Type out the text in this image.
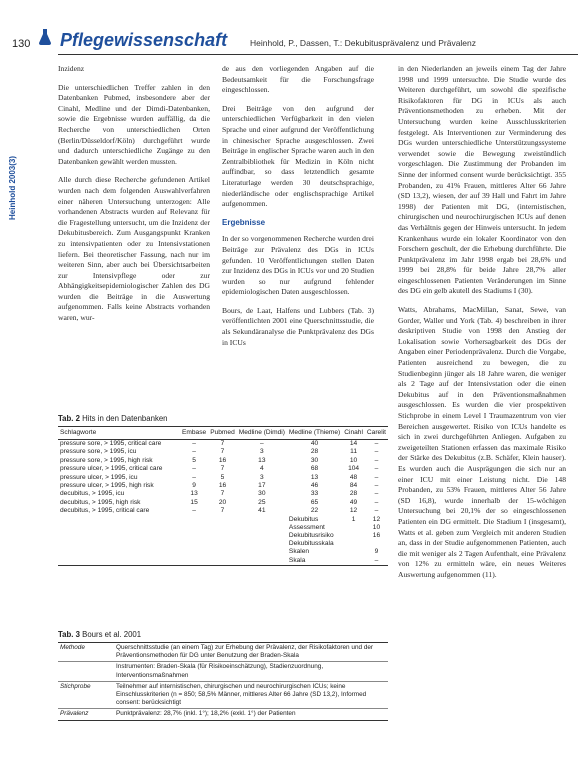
130 Pflegewissenschaft	Heinhold, P., Dassen, T.: Dekubitusprävalenz und Prävalenz
Heinhold 2003(3)

Inzidenz

Die unterschiedlichen Treffer zahlen in den Datenbanken Pubmed, insbesondere aber der Cinahl, Medline und der Dimdi-Datenbanken, sowie die Ergebnisse wurden auffällig, da die Recherche von unterschiedlichen Orten (Berlin/Düsseldorf/Köln) durchgeführt wurde und dadurch unterschiedliche Zugänge zu den Datenbanken gewählt werden mussten.

Alle durch diese Recherche gefundenen Artikel wurden nach dem folgenden Auswahlverfahren einer näheren Untersuchung unterzogen: Alle vorhandenen Abstracts wurden auf Relevanz für die Fragestellung untersucht, um die Inzidenz der Dekubitusbereich. Zum Ausgangspunkt Kranken zu intensivpatienten oder zu Intensivstationen liefern. Bei theoretischer Fassung, nach nur im weiteren Sinn, aber auch bei Übersichtsarbeiten zur Intensivpflege oder zur Abhängigkeitsepidemiologischer Zahlen des DG wurden die Beiträge in die Auswertung aufgenommen. Falls keine Abstracts vorhanden waren, wur-

de aus den vorliegenden Angaben auf die Bedeutsamkeit für die Forschungsfrage eingeschlossen.

Drei Beiträge von den aufgrund der unterschiedlichen Verfügbarkeit in den vielen Sprache und einer aufgrund der Veröffentlichung in chinesischer Sprache ausgeschlossen. Zwei Beiträge in englischer Sprache waren auch in den Zentralbibliothek für Medizin in Köln nicht auffindbar, so dass letztendlich gesamte Literaturlage werden 30 deutschsprachige, niederländische oder englischsprachige Artikel aufgenommen.

Ergebnisse

In der so vorgenommenen Recherche wurden drei Beiträge zur Prävalenz des DGs in ICUs gefunden. 10 Veröffentlichungen stellen Daten zur Inzidenz des DGs in ICUs vor und 20 Studien wurden so nur aufgrund fehlender epidemiologischen Daten ausgeschlossen.

Bours, de Laat, Halfens und Lubbers (Tab. 3) veröffentlichten 2001 eine Querschnittsstudie, die als Sekundäranalyse die Punktprävalenz des DGs in ICUs

in den Niederlanden an jeweils einem Tag der Jahre 1998 und 1999 untersuchte. Die Studie wurde des Weiteren durchgeführt, um sowohl die spezifische Risikofaktoren für DG in ICUs als auch Präventionsmethoden zu erheben. Mit der Untersuchung wurden keine Ausschlusskriterien festgelegt. Als Interventionen zur Verminderung des DGs wurden unterschiedliche Unterstützungssysteme verwendet sowie die Bewegung zweistündlich vorgeschlagen. Die Zustimmung der Probanden im Sinne der informed consent wurde berücksichtigt. 355 Probanden, zu 41% Frauen, mittleres Alter 66 Jahre (SD 13,2), wiesen, der auf 39 Hall und Fahrt im Jahre 1998) der Patienten mit DG, (internistischen, chirurgischen und neurochirurgischen ICUs auf denen das Verhältnis gegen der Hinweis untersucht. In jedem Krankenhaus wurde ein lokaler Koordinator von den Forschern geschult, der die Erhebung durchführte. Die Punktprävalenz im Jahr 1998 ergab bei 28,6% und 1999 bei 28,8% für beide Jahre 28,7% aller eingeschlossenen Patienten Veränderungen im Sinne des DG ein gelb akutell des Stadiums I (30).

Watts, Abrahams, MacMillan, Sanat, Sewe, van Gorder, Waller und York (Tab. 4) beschreiben in ihrer deskriptiven Studie von 1998 den Anstieg der Lokalisation sowie Vorhersagbarkeit des DGs der Angaben einer Periodenprävalenz. Durch die Vorgabe, Patienten ausreichend zu bewegen, die zu Studienbeginn jünger als 18 Jahre waren, die weniger als 2 Tage auf der Intensivstation oder die einen Dekubitus auf in den Präventionsmaßnahmen ausgeschlossen. Es wurden die vier prospektiven Stichprobe in einem Level I Traumazentrum von vier Bereichen ausgewertet. Risiko von ICUs handelte es sich in zwei durchgeführten Anliegen. Aufgaben zu zweigeteilten Stationen erfassen das maximale Risiko der Stärke des Dekubitus (z.B. Schäfer, Klein hauser). Es wurden auch die Ausprägungen die sich nur an einer ICU mit einer Leistung nicht. Die 148 Probanden, zu 53% Frauen, mittleres Alter 56 Jahre (SD 16,8), wurde innerhalb der 15-wöchigen Untersuchung bei 20,1% der so eingeschlossenen Patienten ein DG ermittelt. Die Stadium I (insgesamt), Watts et al. geben zum Vergleich mit anderen Studien an, dass in der Studie aufgenommenen Patienten, auch die mit weniger als 2 Tagen Aufenthalt, eine Prävalenz von 12% zu ermitteln wäre, ein neues Weiteres Auswertung aufgenommen (11).

Tab. 2 Hits in den Datenbanken
Schlagworte	Embase	Pubmed	Medline (Dimdi)	Medline (Thieme)	Cinahl	Carelit
pressure sore, > 1995, critical care	–	7	–	40	14	–
pressure sore, > 1995, icu	–	7	3	28	11	–
pressure sore, > 1995, high risk	5	16	13	30	10	–
pressure ulcer, > 1995, critical care	–	7	4	68	104	–
pressure ulcer, > 1995, icu	–	5	3	13	48	–
pressure ulcer, > 1995, high risk	9	16	17	46	84	–
decubitus, > 1995, icu	13	7	30	33	28	–
decubitus, > 1995, high risk	15	20	25	65	49	–
decubitus, > 1995, critical care	–	7	41	22	12	–
				Dekubitus	1	12
				Assessment		10
				Dekubitusrisiko		16
				Dekubitusskala		
				Skalen		9
				Skala		–
Tab. 3 Bours et al. 2001
Methode	Querschnittsstudie (an einem Tag) zur Erhebung der Prävalenz, der Risikofaktoren und der Präventionsmethoden für DG unter Benutzung der Braden-Skala
	Instrumenten: Braden-Skala (für Risikoeinschätzung), Stadienzuordnung, Interventionsmaßnahmen
Stichprobe	Teilnehmer auf internistischen, chirurgischen und neurochirurgischen ICUs; keine Einschlusskriterien (n = 850; 58,5% Männer, mittleres Alter 66 Jahre (SD 13,2), Informed consent: berücksichtigt
Prävalenz	Punktprävalenz: 28,7% (inkl. 1°); 18,2% (exkl. 1°) der Patienten
